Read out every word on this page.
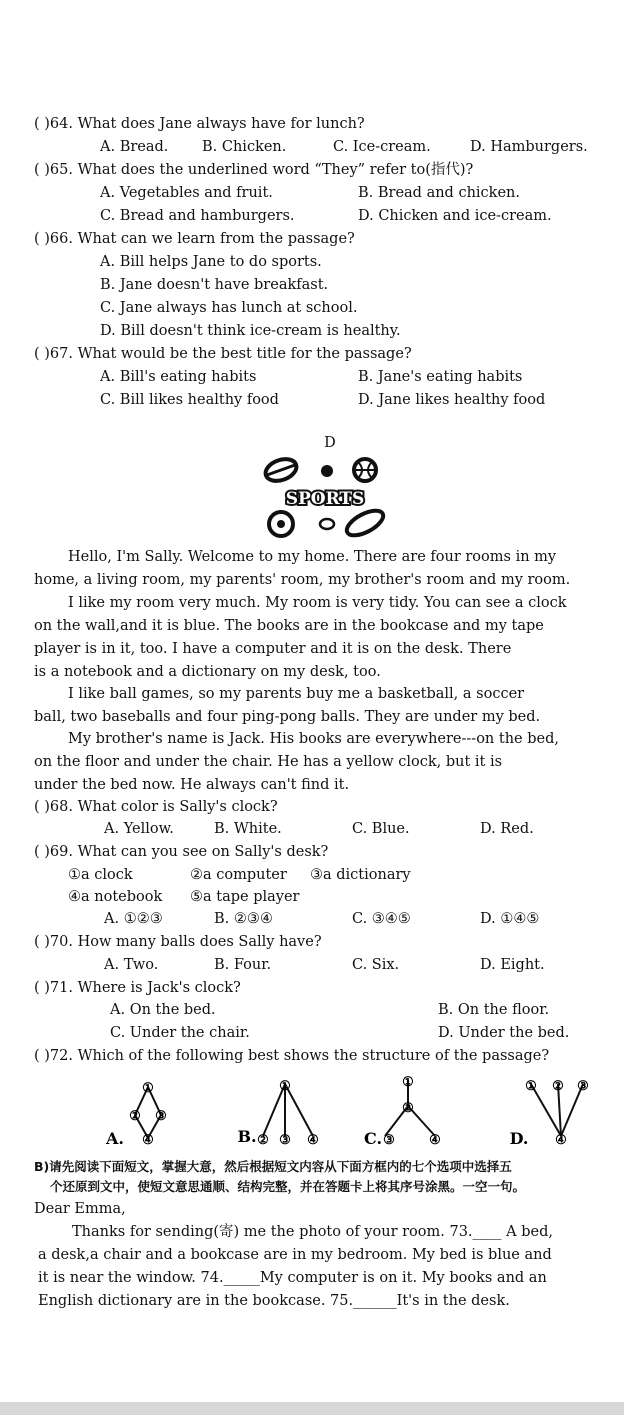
( )64. What does Jane always have for lunch?
A. Bread. B. Chicken.	C. Ice-cream.	D. Hamburgers.
( )65. What does the underlined word “They” refer to(指代)?
A. Vegetables and fruit.	B. Bread and chicken.
C. Bread and hamburgers.	D. Chicken and ice-cream.
( )66. What can we learn from the passage?
A. Bill helps Jane to do sports.
B. Jane doesn't have breakfast.
C. Jane always has lunch at school.
D. Bill doesn't think ice-cream is healthy.
( )67. What would be the best title for the passage?
A. Bill's eating habits	B. Jane's eating habits
C. Bill likes healthy food	D. Jane likes healthy food
D
SPORTS
Hello, I'm Sally. Welcome to my home. There are four rooms in my
home, a living room, my parents' room, my brother's room and my room.
I like my room very much. My room is very tidy. You can see a clock
on the wall,and it is blue. The books are in the bookcase and my tape
player is in it, too. I have a computer and it is on the desk. There
is a notebook and a dictionary on my desk, too.
I like ball games, so my parents buy me a basketball, a soccer
ball, two baseballs and four ping-pong balls. They are under my bed.
My brother's name is Jack. His books are everywhere---on the bed,
on the floor and under the chair. He has a yellow clock, but it is
under the bed now. He always can't find it.
( )68. What color is Sally's clock?
A. Yellow.	B. White.	C. Blue.	D. Red.
( )69. What can you see on Sally's desk?
①a clock	②a computer ③a dictionary
④a notebook ⑤a tape player
A. ①②③	B. ②③④	C. ③④⑤	D. ①④⑤
( )70. How many balls does Sally have?
A. Two.	B. Four.	C. Six.	D. Eight.
( )71. Where is Jack's clock?
A. On the bed.	B. On the floor.
C. Under the chair.	D. Under the bed.
( )72. Which of the following best shows the structure of the passage?
A.
①
② ③
④	B.
①
② ③ ④	C.
①
②
③	④	D.
① ② ③
④
B)请先阅读下面短文，掌握大意，然后根据短文内容从下面方框内的七个选项中选择五
个还原到文中，使短文意思通顺、结构完整，并在答题卡上将其序号涂黑。一空一句。
Dear Emma,
Thanks for sending(寄) me the photo of your room. 73.____ A bed,
a desk,a chair and a bookcase are in my bedroom. My bed is blue and
it is near the window. 74._____My computer is on it. My books and an
English dictionary are in the bookcase. 75.______It's in the desk.
